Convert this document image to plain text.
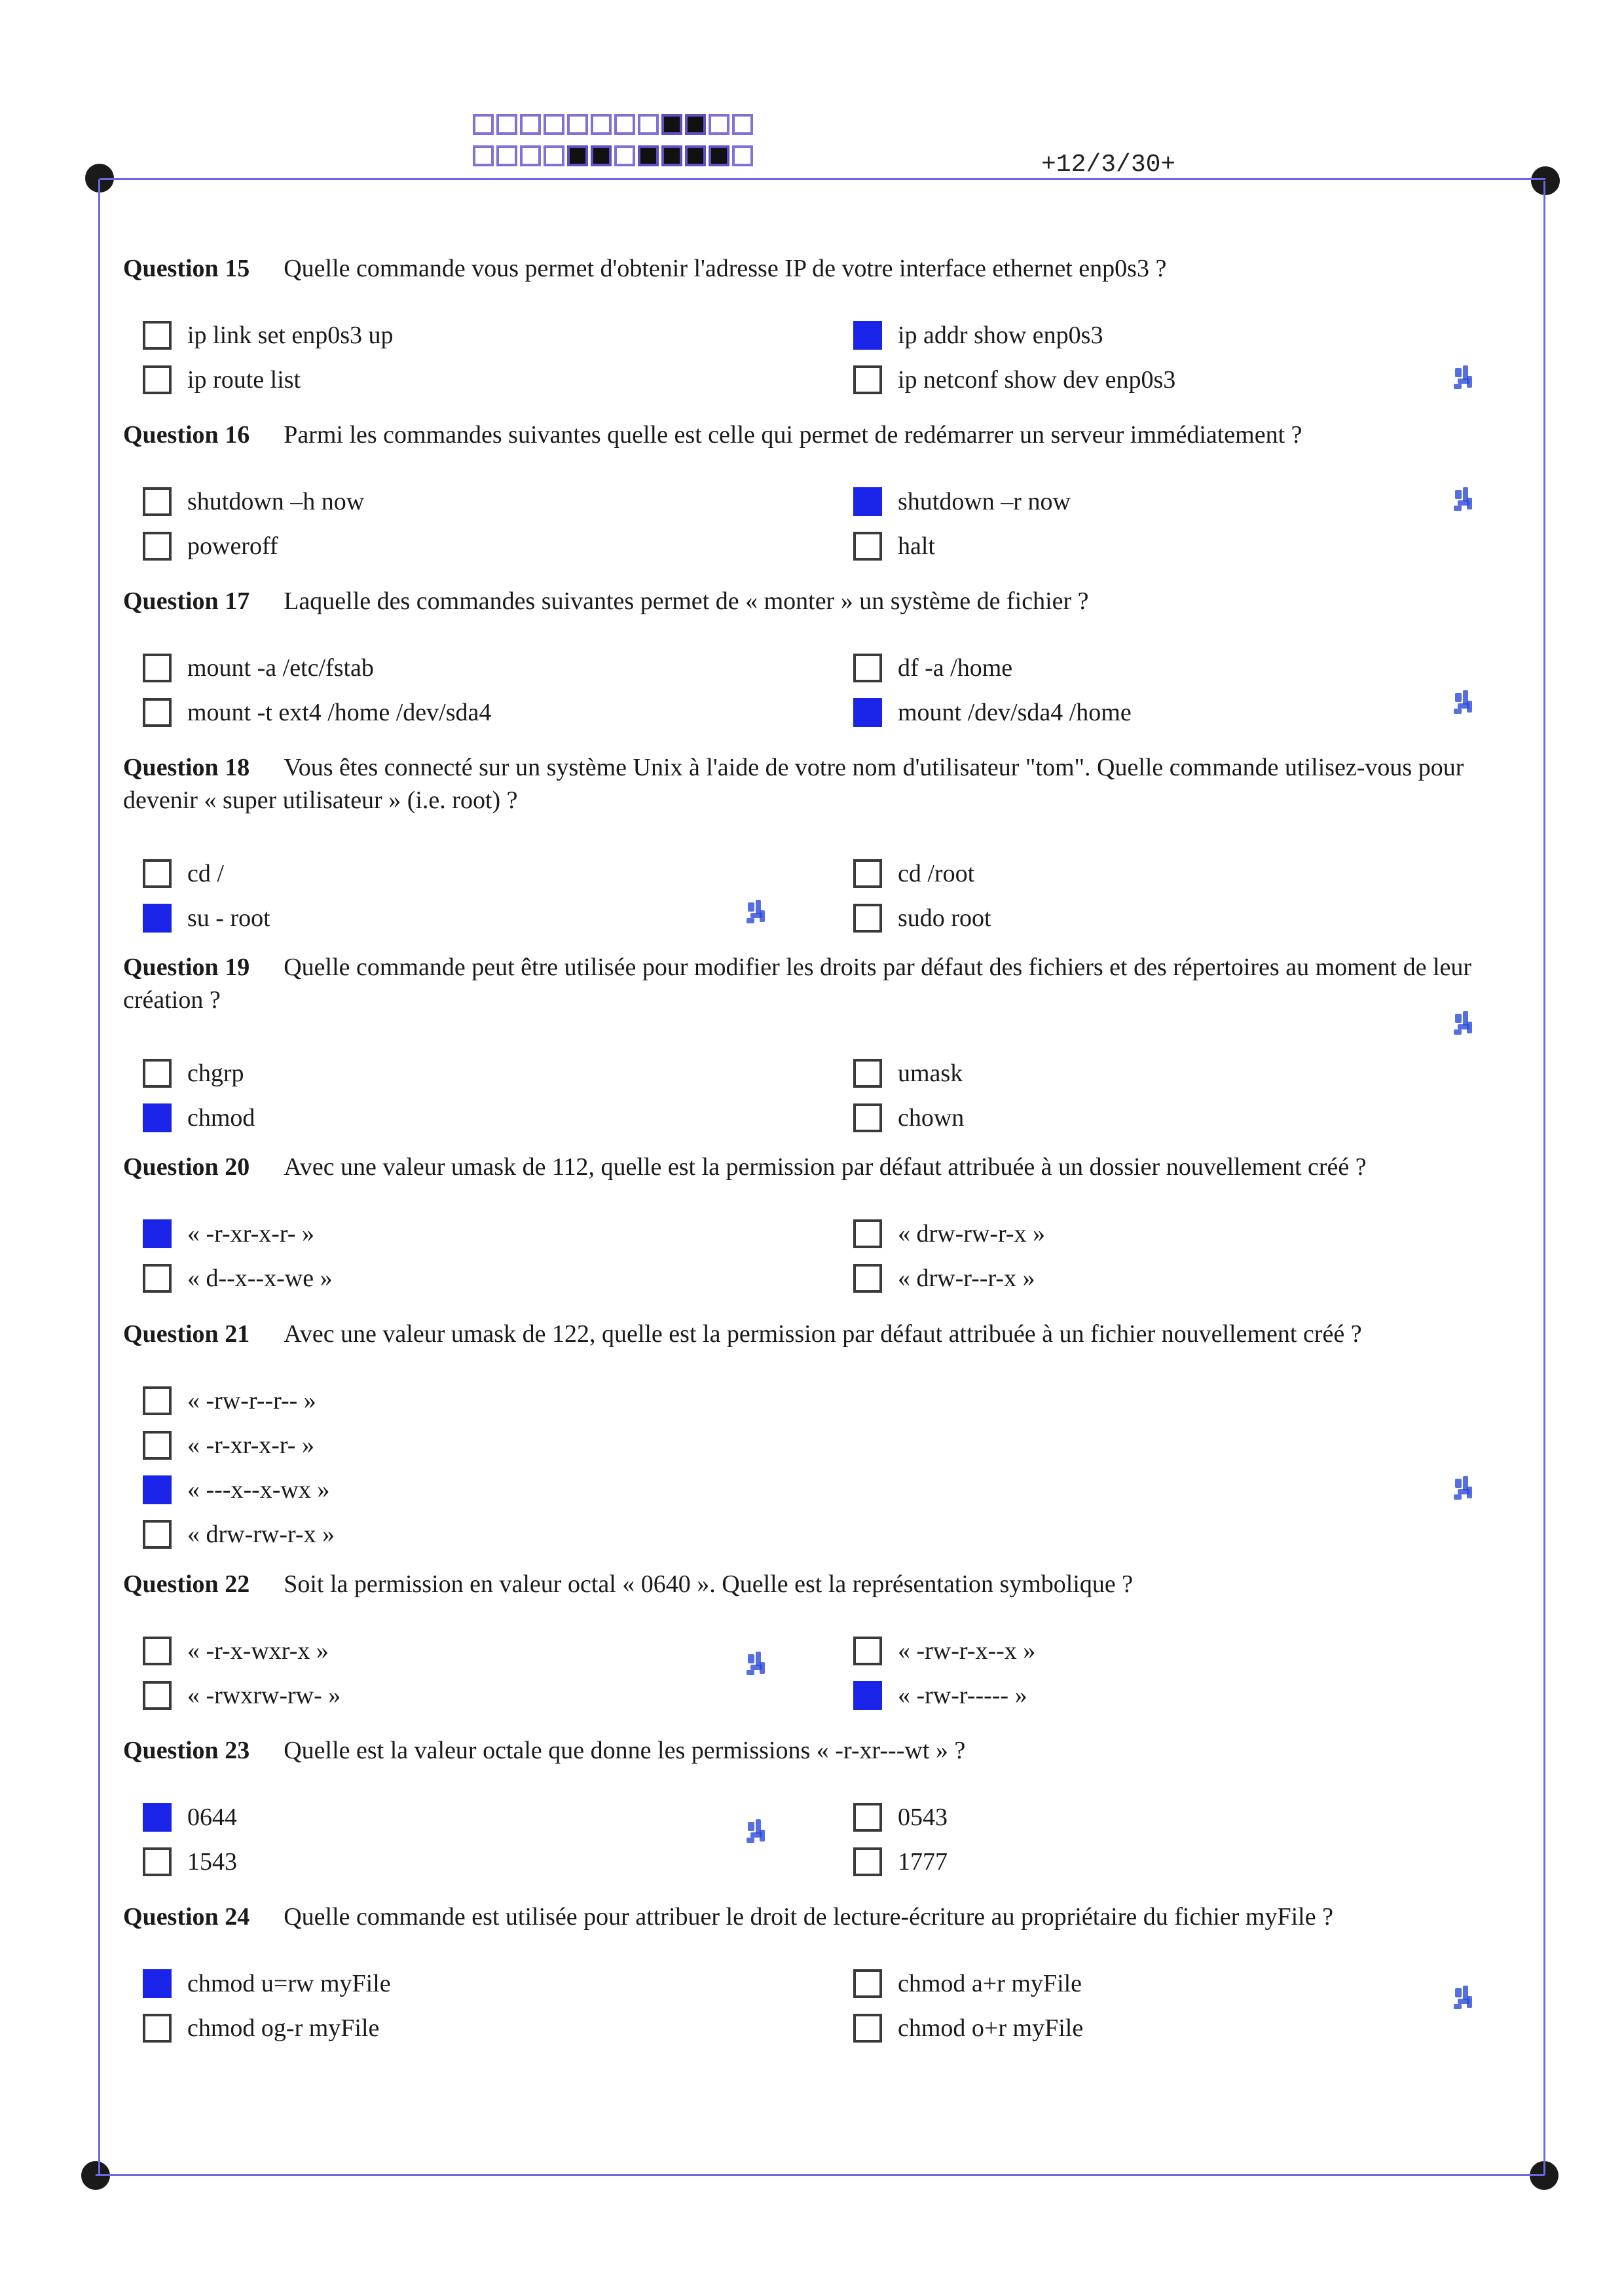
+12/3/30+
Question 15 Quelle commande vous permet d'obtenir l'adresse IP de votre interface ethernet enp0s3 ?
ip link set enp0s3 up	ip addr show enp0s3
ip route list	ip netconf show dev enp0s3
Question 16 Parmi les commandes suivantes quelle est celle qui permet de redémarrer un serveur immédiatement ?
shutdown –h now	shutdown –r now
poweroff	halt
Question 17 Laquelle des commandes suivantes permet de « monter » un système de fichier ?
mount -a /etc/fstab	df -a /home
mount -t ext4 /home /dev/sda4	mount /dev/sda4 /home
Question 18 Vous êtes connecté sur un système Unix à l'aide de votre nom d'utilisateur "tom". Quelle commande utilisez-vous pour devenir « super utilisateur » (i.e. root) ?
cd /	cd /root
su - root	sudo root
Question 19 Quelle commande peut être utilisée pour modifier les droits par défaut des fichiers et des répertoires au moment de leur création ?
chgrp	umask
chmod	chown
Question 20 Avec une valeur umask de 112, quelle est la permission par défaut attribuée à un dossier nouvellement créé ?
« -r-xr-x-r- »	« drw-rw-r-x »
« d--x--x-we »	« drw-r--r-x »
Question 21 Avec une valeur umask de 122, quelle est la permission par défaut attribuée à un fichier nouvellement créé ?
« -rw-r--r-- »
« -r-xr-x-r- »
« ---x--x-wx »
« drw-rw-r-x »
Question 22 Soit la permission en valeur octal « 0640 ». Quelle est la représentation symbolique ?
« -r-x-wxr-x »	« -rw-r-x--x »
« -rwxrw-rw- »	« -rw-r----- »
Question 23 Quelle est la valeur octale que donne les permissions « -r-xr---wt » ?
0644	0543
1543	1777
Question 24 Quelle commande est utilisée pour attribuer le droit de lecture-écriture au propriétaire du fichier myFile ?
chmod u=rw myFile	chmod a+r myFile
chmod og-r myFile	chmod o+r myFile
